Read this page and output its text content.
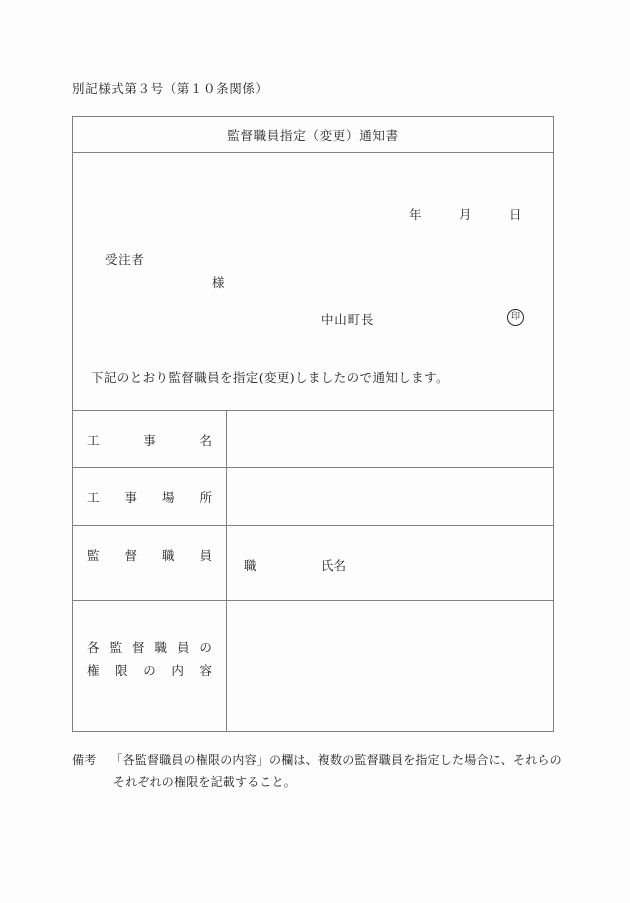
別記様式第３号（第１０条関係）
監督職員指定（変更）通知書	

年	月	日
受注者
様
中山町長	印
下記のとおり監督職員を指定(変更)しましたので通知します。

工 事 名	

工 事 場 所	

監 督 職 員	職 氏名

各 監 督 職 員 の
権 限 の 内 容

備考 「各監督職員の権限の内容」の欄は、複数の監督職員を指定した場合に、それらの
それぞれの権限を記載すること。
